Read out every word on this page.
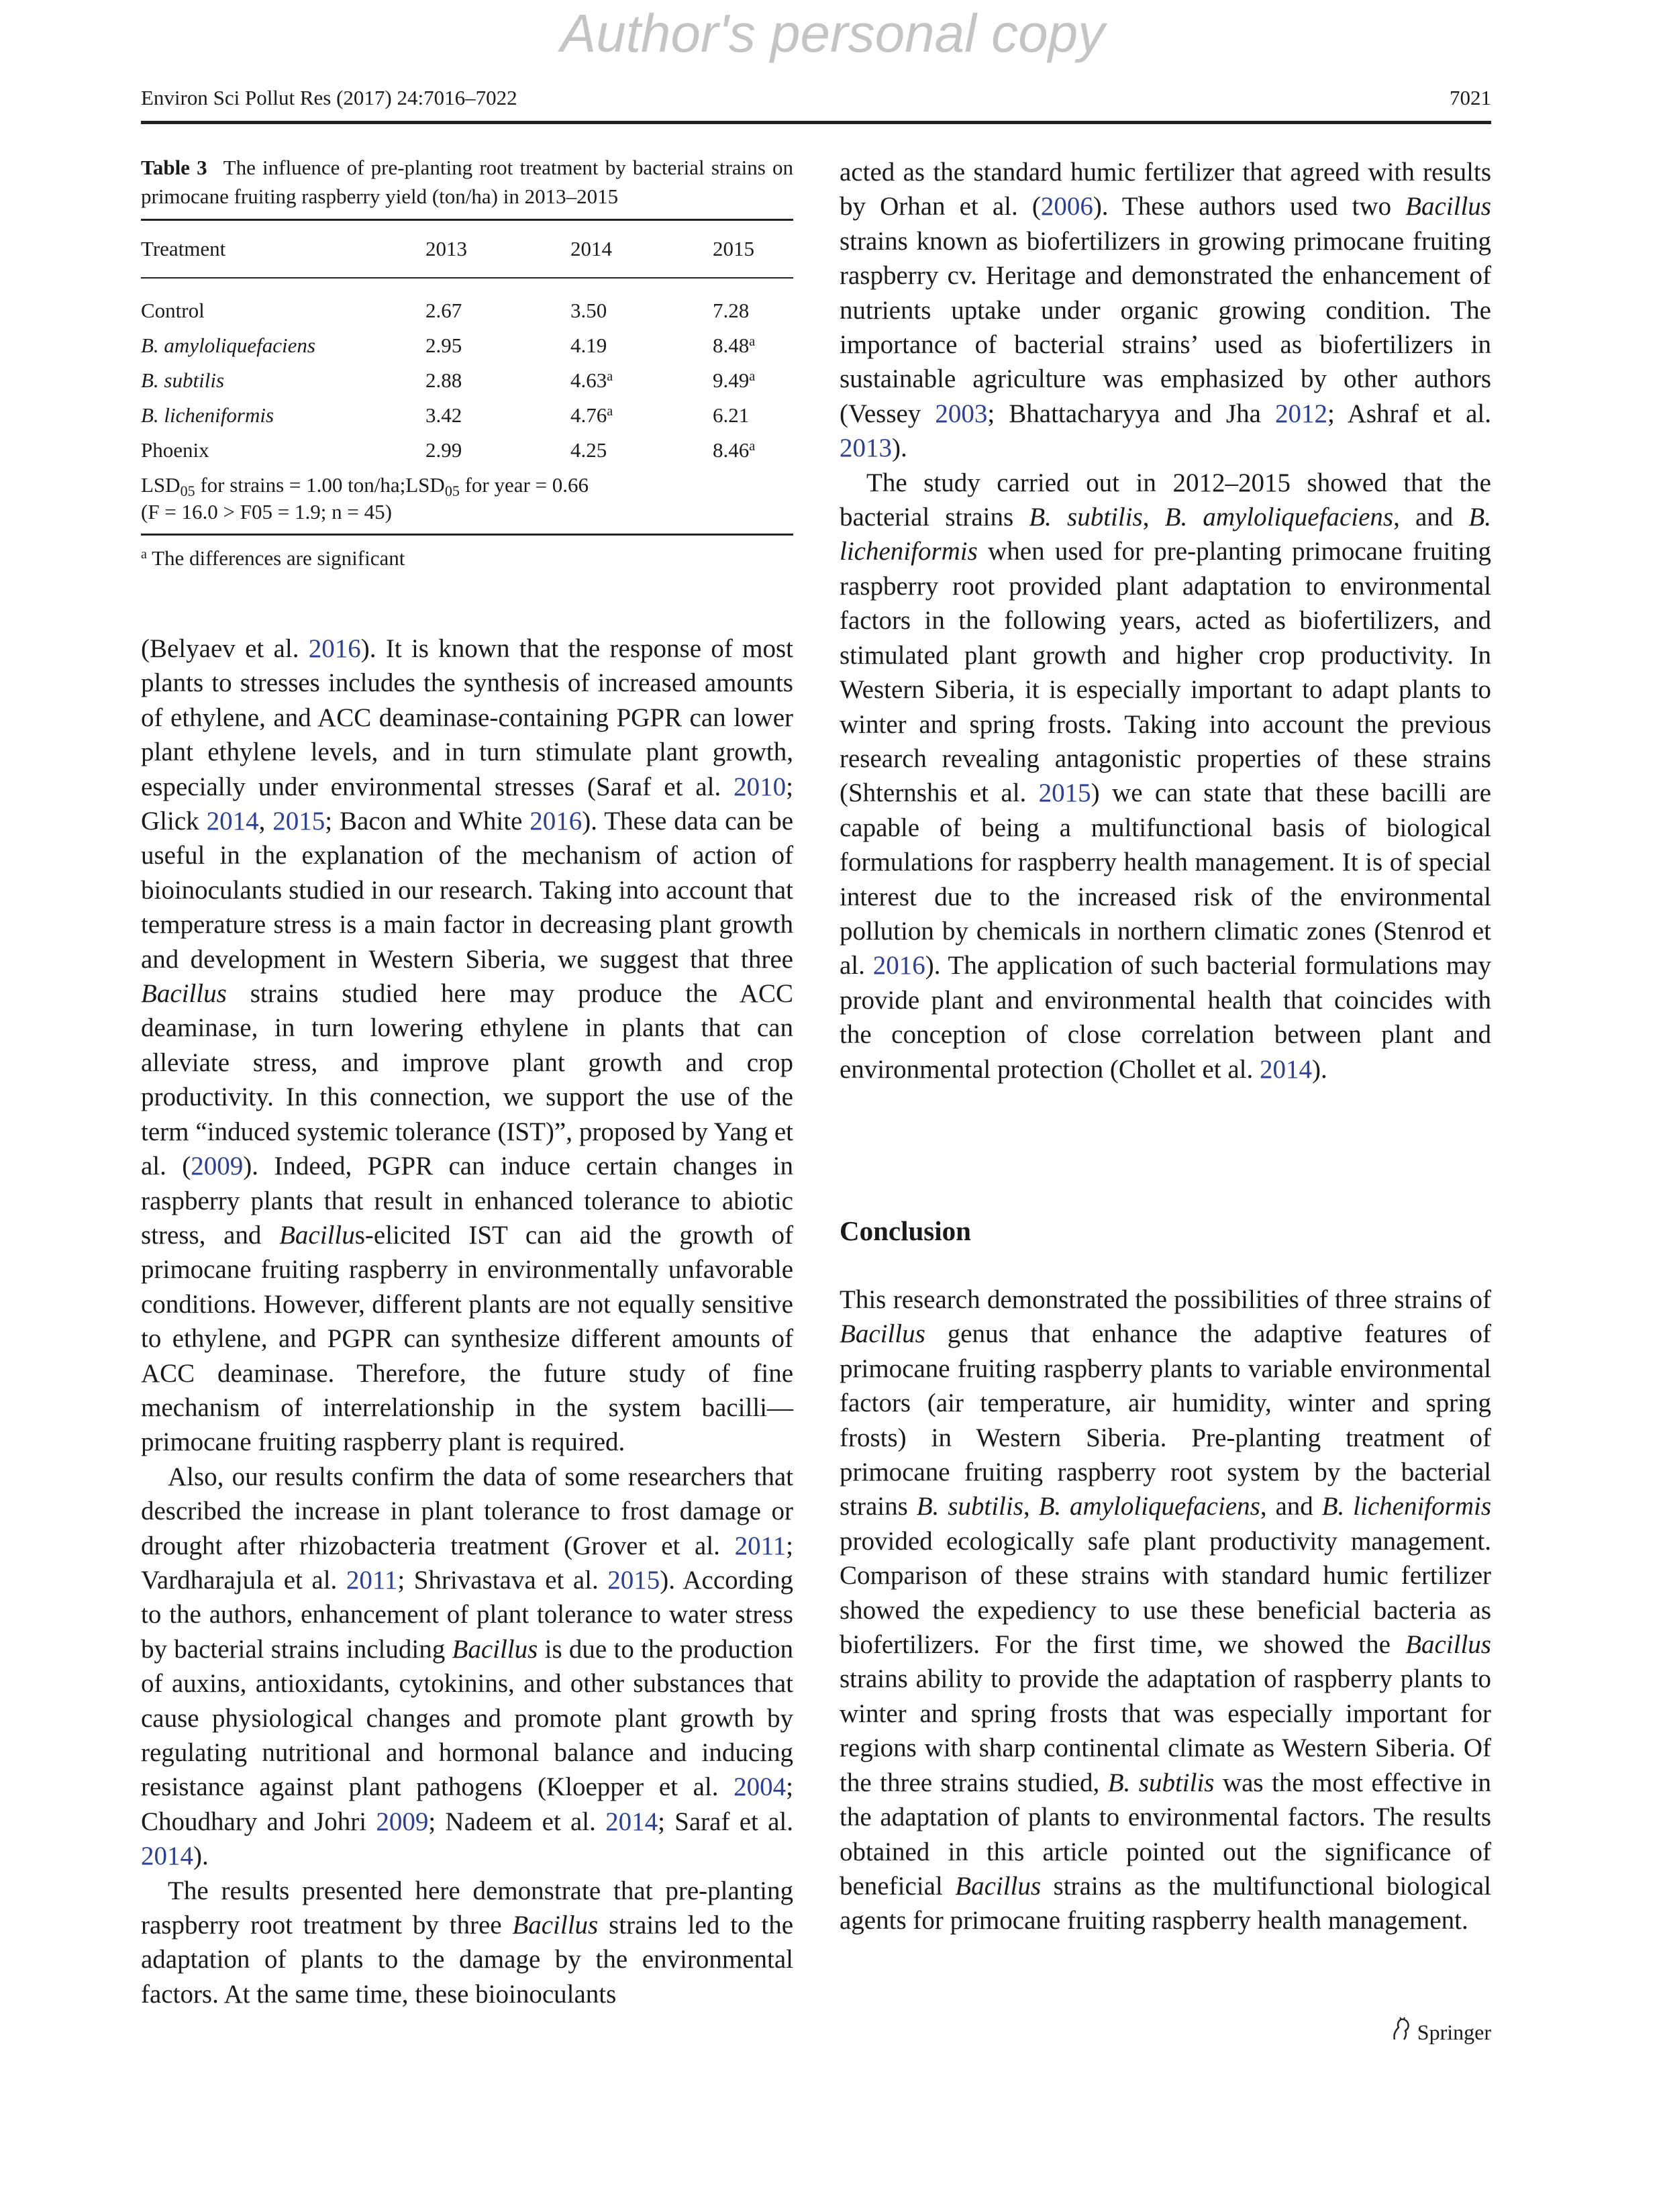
Author's personal copy
Environ Sci Pollut Res (2017) 24:7016–7022	7021
Table 3 The influence of pre-planting root treatment by bacterial strains on primocane fruiting raspberry yield (ton/ha) in 2013–2015
Treatment	2013	2014	2015

Control	2.67	3.50	7.28
B. amyloliquefaciens	2.95	4.19	8.48$^a$
B. subtilis	2.88	4.63$^a$	9.49$^a$
B. licheniformis	3.42	4.76$^a$	6.21
Phoenix	2.99	4.25	8.46$^a$
$LSD_{05}$ for strains = 1.00 ton/$ha;LSD_{05}$ for year = 0.66
(F = 16.0 > F05 = 1.9; n = 45)
$^a$ The differences are significant

(Belyaev et al. 2016). It is known that the response of most plants to stresses includes the synthesis of increased amounts of ethylene, and ACC deaminase-containing PGPR can lower plant ethylene levels, and in turn stimulate plant growth, especially under environmental stresses (Saraf et al. 2010; Glick 2014, 2015; Bacon and White 2016). These data can be useful in the explanation of the mechanism of action of bioinoculants studied in our research. Taking into account that temperature stress is a main factor in decreasing plant growth and development in Western Siberia, we suggest that three Bacillus strains studied here may produce the ACC deaminase, in turn lowering ethylene in plants that can alleviate stress, and improve plant growth and crop productivity. In this connection, we support the use of the term “induced systemic tolerance (IST)”, proposed by Yang et al. (2009). Indeed, PGPR can induce certain changes in raspberry plants that result in enhanced tolerance to abiotic stress, and Bacillus-elicited IST can aid the growth of primocane fruiting raspberry in environmentally unfavorable conditions. However, different plants are not equally sensitive to ethylene, and PGPR can synthesize different amounts of ACC deaminase. Therefore, the future study of fine mechanism of interrelationship in the system bacilli—primocane fruiting raspberry plant is required.

Also, our results confirm the data of some researchers that described the increase in plant tolerance to frost damage or drought after rhizobacteria treatment (Grover et al. 2011; Vardharajula et al. 2011; Shrivastava et al. 2015). According to the authors, enhancement of plant tolerance to water stress by bacterial strains including Bacillus is due to the production of auxins, antioxidants, cytokinins, and other substances that cause physiological changes and promote plant growth by regulating nutritional and hormonal balance and inducing resistance against plant pathogens (Kloepper et al. 2004; Choudhary and Johri 2009; Nadeem et al. 2014; Saraf et al. 2014).

The results presented here demonstrate that pre-planting raspberry root treatment by three Bacillus strains led to the adaptation of plants to the damage by the environmental factors. At the same time, these bioinoculants

acted as the standard humic fertilizer that agreed with results by Orhan et al. (2006). These authors used two Bacillus strains known as biofertilizers in growing primocane fruiting raspberry cv. Heritage and demonstrated the enhancement of nutrients uptake under organic growing condition. The importance of bacterial strains’ used as biofertilizers in sustainable agriculture was emphasized by other authors (Vessey 2003; Bhattacharyya and Jha 2012; Ashraf et al. 2013).

The study carried out in 2012–2015 showed that the bacterial strains B. subtilis, B. amyloliquefaciens, and B. licheniformis when used for pre-planting primocane fruiting raspberry root provided plant adaptation to environmental factors in the following years, acted as biofertilizers, and stimulated plant growth and higher crop productivity. In Western Siberia, it is especially important to adapt plants to winter and spring frosts. Taking into account the previous research revealing antagonistic properties of these strains (Shternshis et al. 2015) we can state that these bacilli are capable of being a multifunctional basis of biological formulations for raspberry health management. It is of special interest due to the increased risk of the environmental pollution by chemicals in northern climatic zones (Stenrod et al. 2016). The application of such bacterial formulations may provide plant and environmental health that coincides with the conception of close correlation between plant and environmental protection (Chollet et al. 2014).

Conclusion

This research demonstrated the possibilities of three strains of Bacillus genus that enhance the adaptive features of primocane fruiting raspberry plants to variable environmental factors (air temperature, air humidity, winter and spring frosts) in Western Siberia. Pre-planting treatment of primocane fruiting raspberry root system by the bacterial strains B. subtilis, B. amyloliquefaciens, and B. licheniformis provided ecologically safe plant productivity management. Comparison of these strains with standard humic fertilizer showed the expediency to use these beneficial bacteria as biofertilizers. For the first time, we showed the Bacillus strains ability to provide the adaptation of raspberry plants to winter and spring frosts that was especially important for regions with sharp continental climate as Western Siberia. Of the three strains studied, B. subtilis was the most effective in the adaptation of plants to environmental factors. The results obtained in this article pointed out the significance of beneficial Bacillus strains as the multifunctional biological agents for primocane fruiting raspberry health management.

Springer
